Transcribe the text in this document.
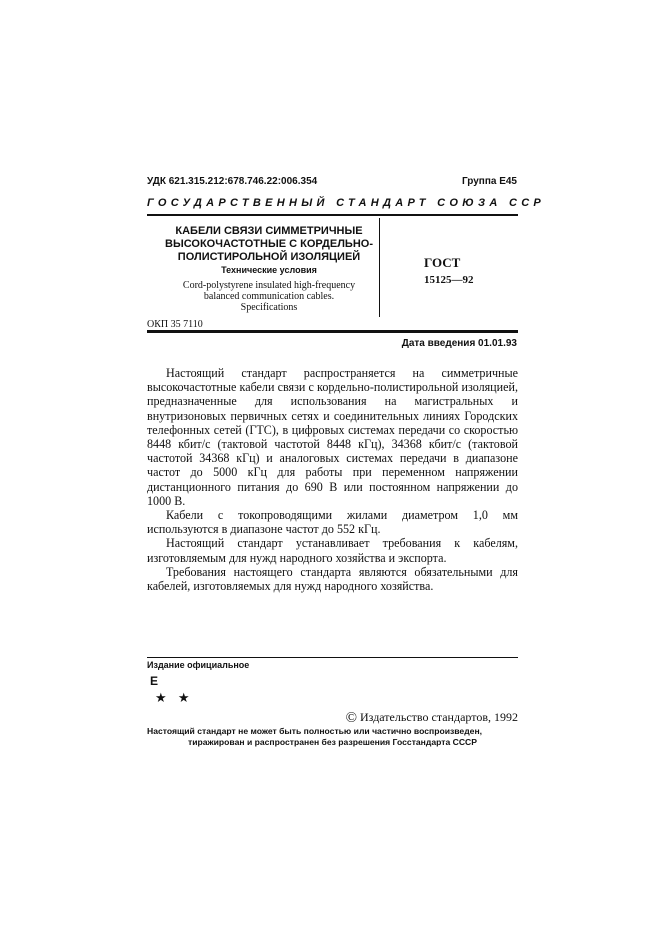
УДК 621.315.212:678.746.22:006.354	Группа Е45
ГОСУДАРСТВЕННЫЙ СТАНДАРТ СОЮЗА ССР
КАБЕЛИ СВЯЗИ СИММЕТРИЧНЫЕ
ВЫСОКОЧАСТОТНЫЕ С КОРДЕЛЬНО-
ПОЛИСТИРОЛЬНОЙ ИЗОЛЯЦИЕЙ
Технические условия
Cord-polystyrene insulated high-frequency
balanced communication cables.
Specifications
ГОСТ
15125—92
ОКП 35 7110
Дата введения 01.01.93

Настоящий стандарт распространяется на симметричные высокочастотные кабели связи с кордельно-полистирольной изоляцией, предназначенные для использования на магистральных и внутризоновых первичных сетях и соединительных линиях Городских телефонных сетей (ГТС), в цифровых системах передачи со скоростью 8448 кбит/с (тактовой частотой 8448 кГц), 34368 кбит/с (тактовой частотой 34368 кГц) и аналоговых системах передачи в диапазоне частот до 5000 кГц для работы при переменном напряжении дистанционного питания до 690 В или постоянном напряжении до 1000 В.

Кабели с токопроводящими жилами диаметром 1,0 мм используются в диапазоне частот до 552 кГц.

Настоящий стандарт устанавливает требования к кабелям, изготовляемым для нужд народного хозяйства и экспорта.

Требования настоящего стандарта являются обязательными для кабелей, изготовляемых для нужд народного хозяйства.

Издание официальное
Е
★ ★
© Издательство стандартов, 1992
Настоящий стандарт не может быть полностью или частично воспроизведен,
тиражирован и распространен без разрешения Госстандарта СССР
